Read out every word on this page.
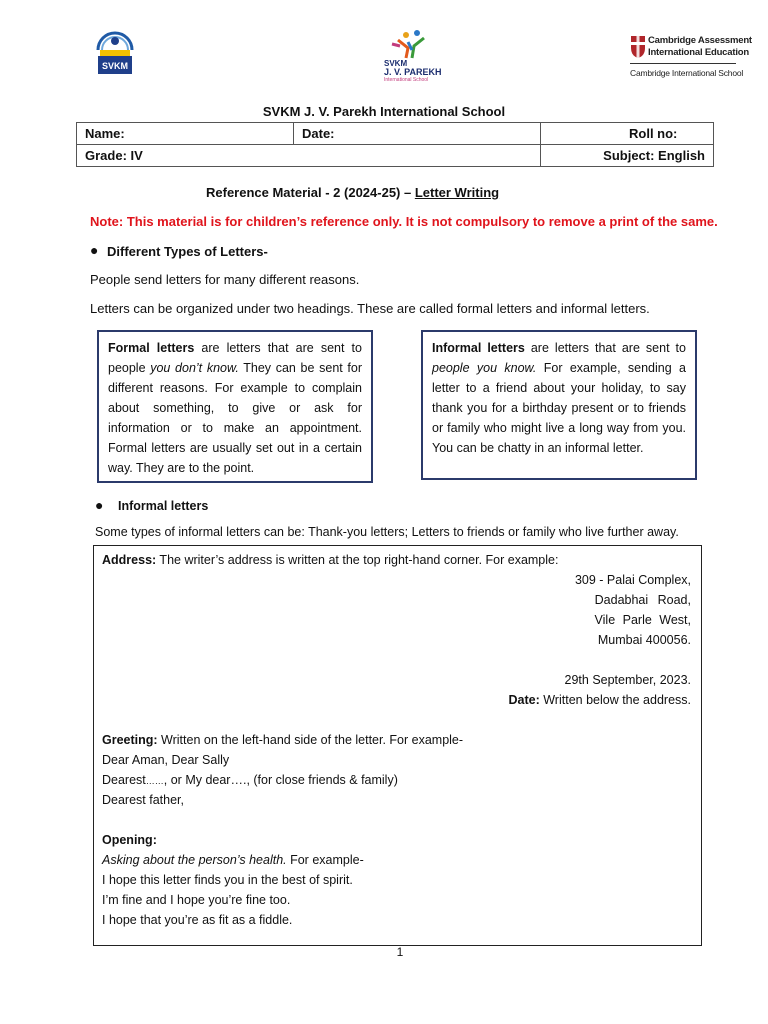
SVKM	SVKM
J. V. PAREKH
International School
Cambridge Assessment
International Education
Cambridge International School
SVKM J. V. Parekh International School
Name:	Date:	Roll no:
Grade: IV		Subject: English
Reference Material - 2 (2024-25) – Letter Writing
Note: This material is for children’s reference only. It is not compulsory to remove a print of the same.
● Different Types of Letters-
People send letters for many different reasons.
Letters can be organized under two headings. These are called formal letters and informal letters.
Formal letters are letters that are sent to people you don’t know. They can be sent for different reasons. For example to complain about something, to give or ask for information or to make an appointment. Formal letters are usually set out in a certain way. They are to the point.
Informal letters are letters that are sent to people you know. For example, sending a letter to a friend about your holiday, to say thank you for a birthday present or to friends or family who might live a long way from you. You can be chatty in an informal letter.
● Informal letters
Some types of informal letters can be: Thank-you letters; Letters to friends or family who live further away.
Address: The writer’s address is written at the top right-hand corner. For example:
309 - Palai Complex,
Dadabhai Road,
Vile Parle West,
Mumbai 400056.
29th September, 2023.
Date: Written below the address.
Greeting: Written on the left-hand side of the letter. For example-
Dear Aman, Dear Sally
Dearest……, or My dear…., (for close friends & family)
Dearest father,
Opening:
Asking about the person’s health. For example-
I hope this letter finds you in the best of spirit.
I’m fine and I hope you’re fine too.
I hope that you’re as fit as a fiddle.
1
